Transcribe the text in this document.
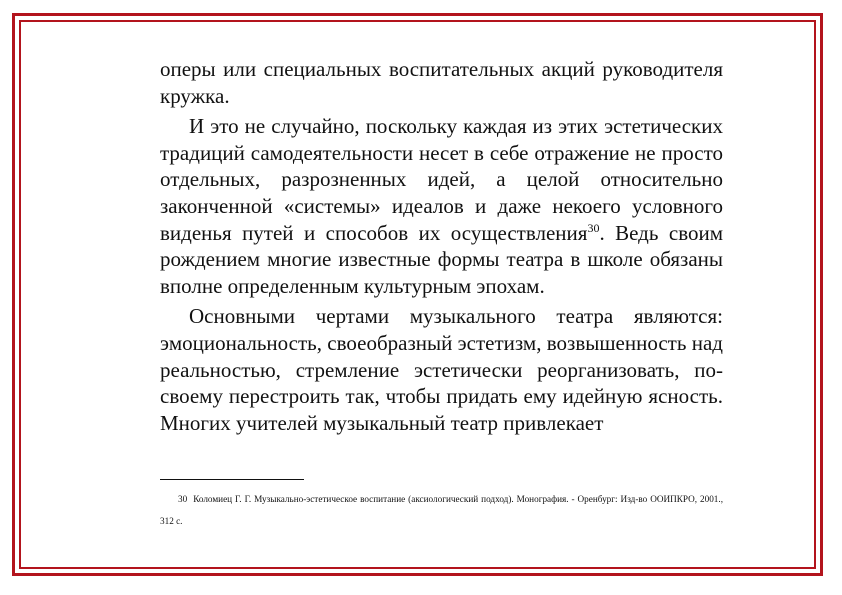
оперы или специальных воспитательных акций руководителя кружка.

И это не случайно, поскольку каждая из этих эстетических традиций самодеятельности несет в себе отражение не просто отдельных, разрозненных идей, а целой относительно законченной «системы» идеалов и даже некоего условного виденья путей и способов их осуществления$^{30}$. Ведь своим рождением многие известные формы театра в школе обязаны вполне определенным культурным эпохам.

Основными чертами музыкального театра являются: эмоциональность, своеобразный эстетизм, возвышенность над реальностью, стремление эстетически реорганизовать, по-своему перестроить так, чтобы придать ему идейную ясность. Многих учителей музыкальный театр привлекает

30 Коломиец Г. Г. Музыкально-эстетическое воспитание (аксиологический подход). Монография. - Оренбург: Изд-во ООИПКРО, 2001., 312 с.
